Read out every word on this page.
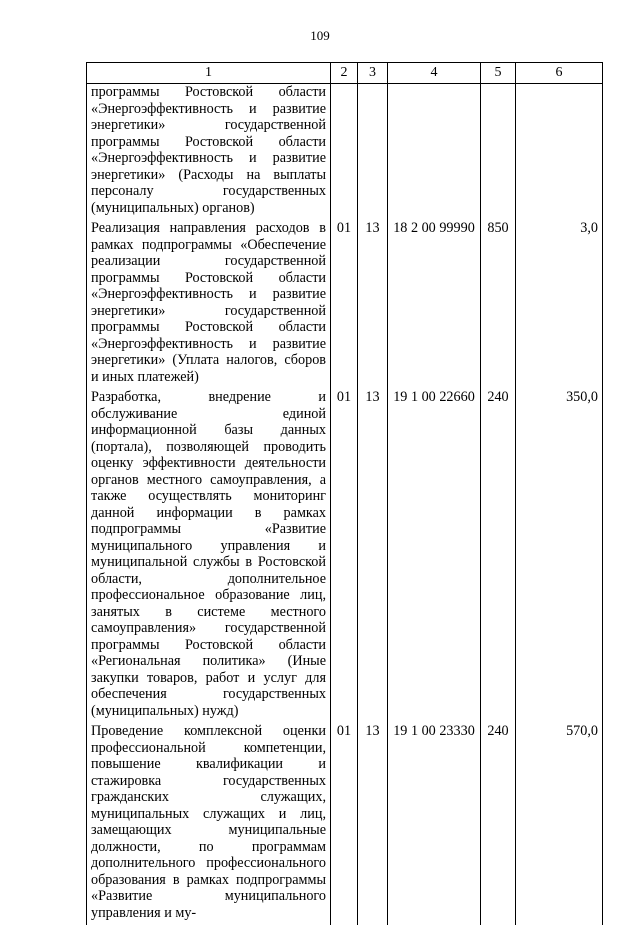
109
1	2	3	4	5	6
программы Ростовской области «Энергоэффективность и развитие энергетики» государственной программы Ростовской области «Энергоэффективность и развитие энергетики» (Расходы на выплаты персоналу государственных (муниципальных) органов)					
Реализация направления расходов в рамках подпрограммы «Обеспечение реализации государственной программы Ростовской области «Энергоэффективность и развитие энергетики» государственной программы Ростовской области «Энергоэффективность и развитие энергетики» (Уплата налогов, сборов и иных платежей)	01	13	18 2 00 99990	850	3,0
Разработка, внедрение и обслуживание единой информационной базы данных (портала), позволяющей проводить оценку эффективности деятельности органов местного самоуправления, а также осуществлять мониторинг данной информации в рамках подпрограммы «Развитие муниципального управления и муниципальной службы в Ростовской области, дополнительное профессиональное образование лиц, занятых в системе местного самоуправления» государственной программы Ростовской области «Региональная политика» (Иные закупки товаров, работ и услуг для обеспечения государственных (муниципальных) нужд)	01	13	19 1 00 22660	240	350,0
Проведение комплексной оценки профессиональной компетенции, повышение квалификации и стажировка государственных гражданских служащих, муниципальных служащих и лиц, замещающих муниципальные должности, по программам дополнительного профессионального образования в рамках подпрограммы «Развитие муниципального управления и му-	01	13	19 1 00 23330	240	570,0
